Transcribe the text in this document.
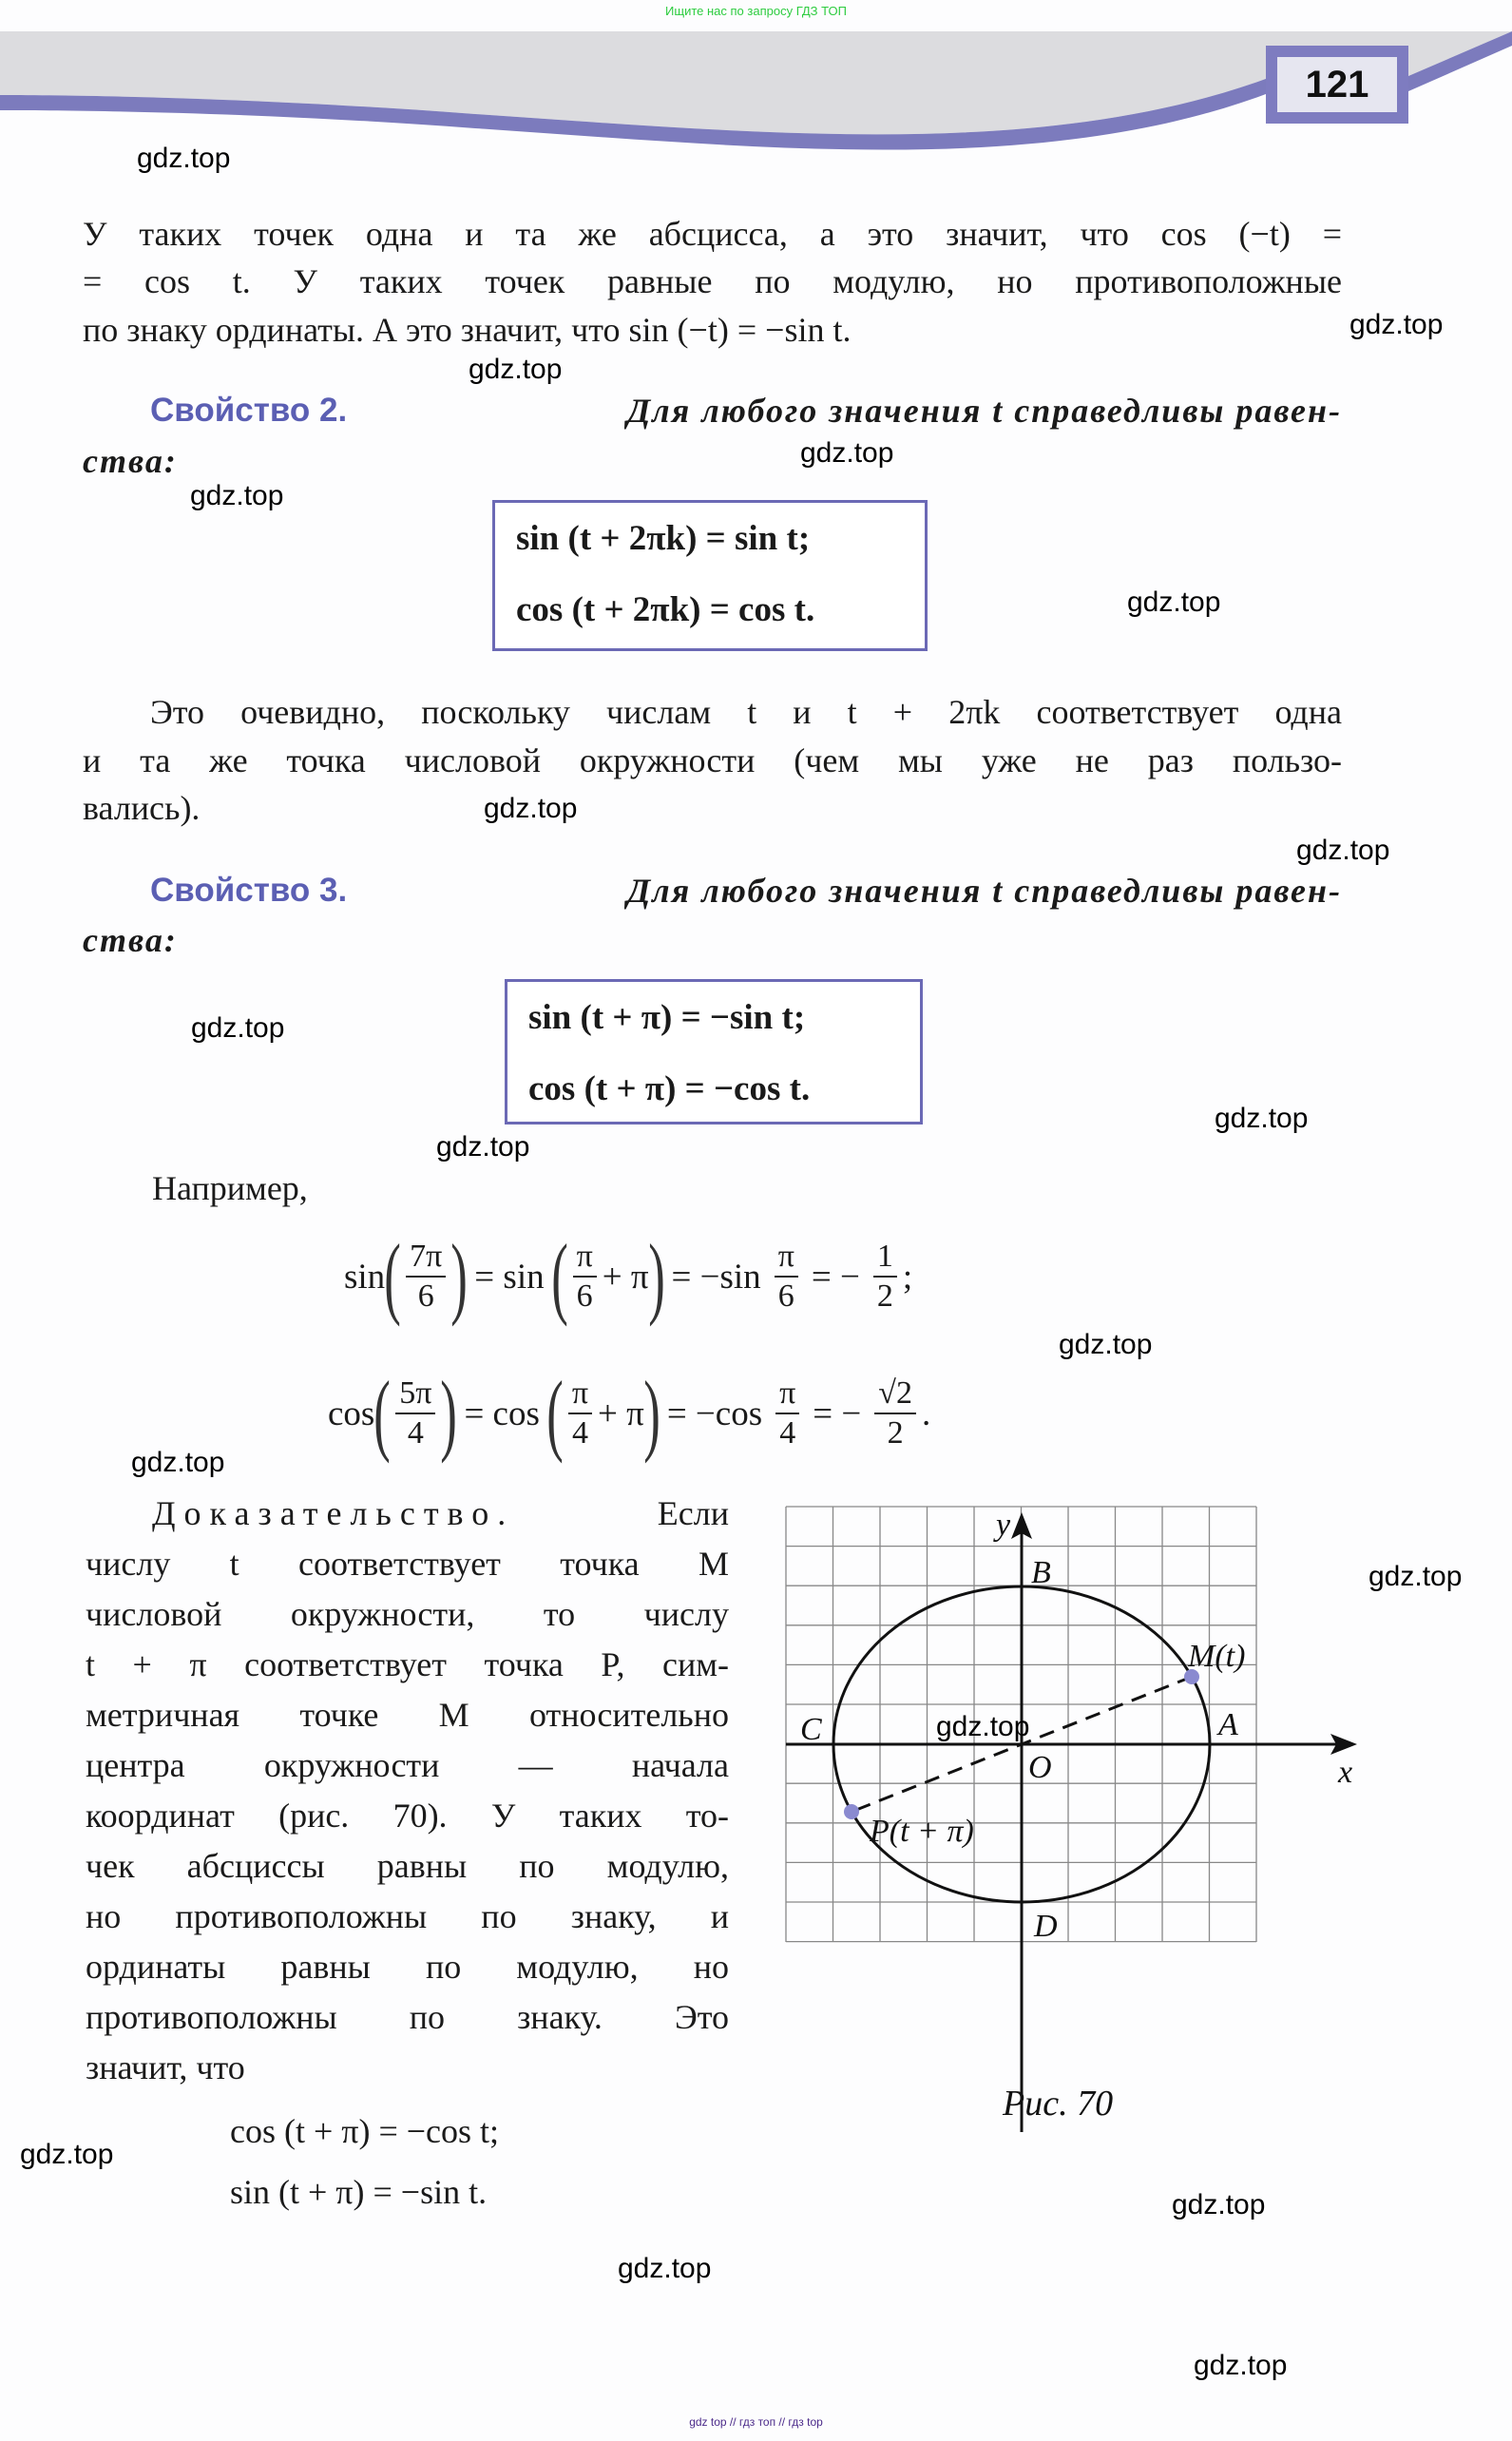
Ищите нас по запросу ГДЗ ТОП
121
У таких точек одна и та же абсцисса, а это значит, что cos (−t) =
= cos t. У таких точек равные по модулю, но противоположные
по знаку ординаты. А это значит, что sin (−t) = −sin t.
Свойство 2.	Для любого значения t справедливы равен-
ства:
sin (t + 2πk) = sin t;
cos (t + 2πk) = cos t.
Это очевидно, поскольку числам t и t + 2πk соответствует одна
и та же точка числовой окружности (чем мы уже не раз пользо-
вались).
Свойство 3.	Для любого значения t справедливы равен-
ства:
sin (t + π) = −sin t;
cos (t + π) = −cos t.
Например,
sin ( $\frac{7\pi}{6}$ ) = sin ( $\frac{\pi}{6} + \pi$ ) = $-\sin \frac{\pi}{6}$ = − $\frac{1}{2}$ ;
cos ( $\frac{5\pi}{4}$ ) = cos ( $\frac{\pi}{4} + \pi$ ) = $-\cos \frac{\pi}{4}$ = − $\frac{√2}{2}$ .
Доказательство.	Если
числу t соответствует точка M
числовой окружности, то числу
t + π соответствует точка P, сим-
метричная точке M относительно
центра окружности — начала
координат (рис. 70). У таких то-
чек абсциссы равны по модулю,
но противоположны по знаку, и
ординаты равны по модулю, но
противоположны по знаку. Это
значит, что
cos (t + π) = −cos t;
sin (t + π) = −sin t.
y
x
B
C	A
D
O
M(t)
P(t + π)
Рис. 70
gdz.top
gdz.top
gdz.top
gdz.top
gdz.top
gdz.top
gdz.top
gdz.top
gdz.top
gdz.top
gdz.top
gdz.top
gdz.top
gdz.top
gdz.top
gdz.top
gdz.top
gdz.top
gdz.top
gdz top // гдз топ // гдз top
